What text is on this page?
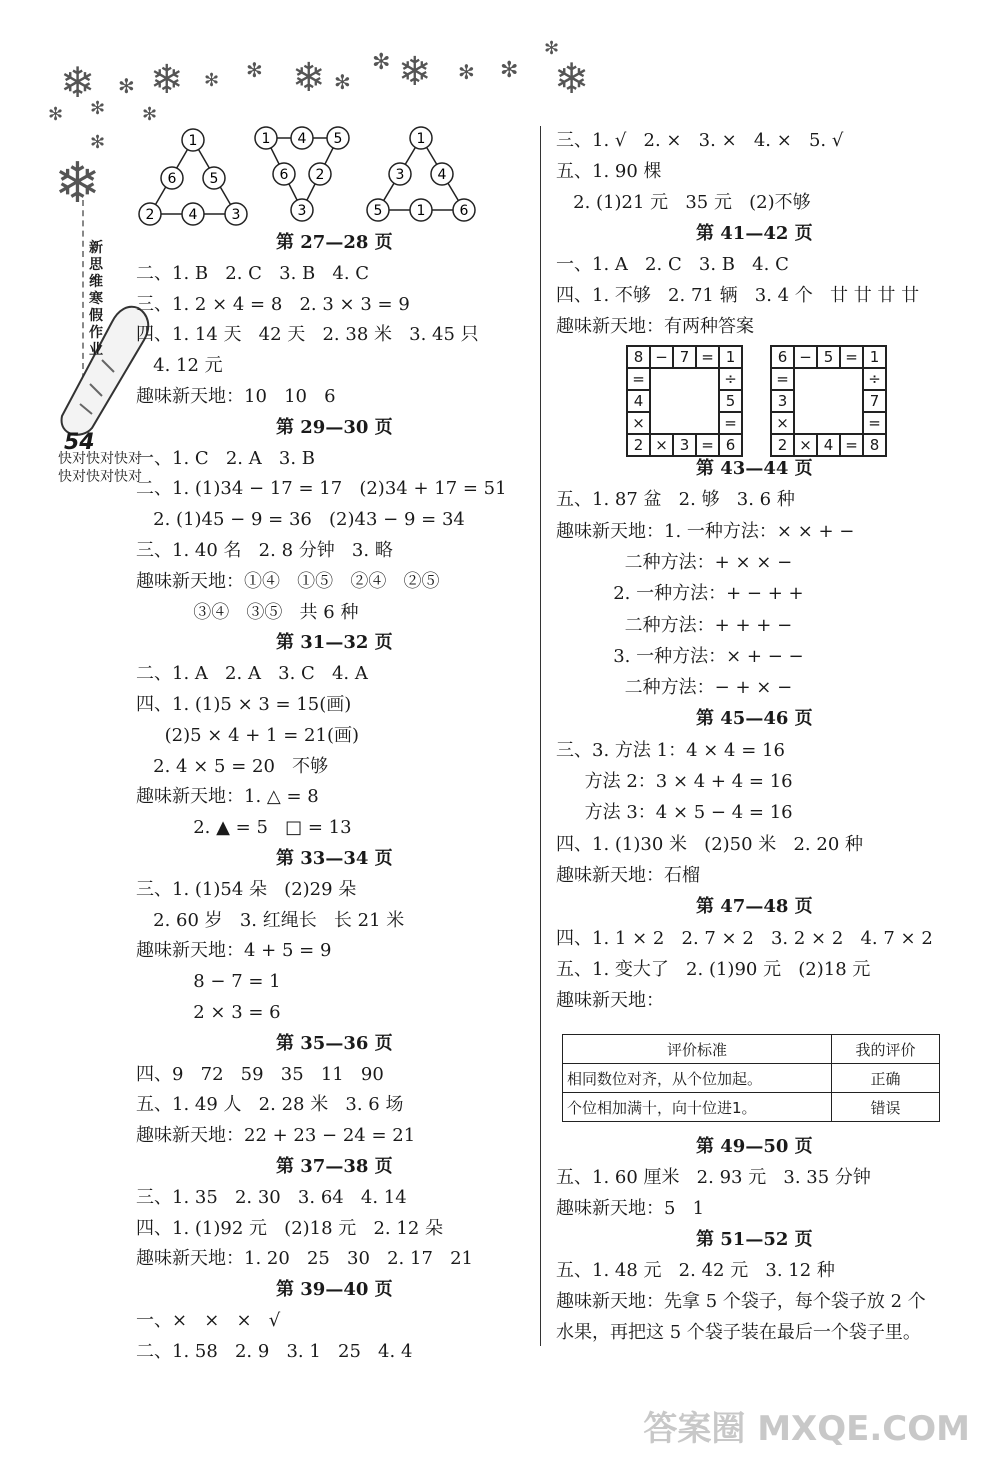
❄ ✻ ❄ ✻ ✻ ❄ ✻
✻ ❄ ✻ ✻
✻
❄
✻ ✻ ✻
✻
❄
新思维寒假作业
54
快对快对快对
快对快对快对
1
6 5
2 4 3
1 4 5
6 2
3
1
3 4
5 1 6
第 27—28 页
二、1. B   2. C   3. B   4. C
三、1. 2 × 4 = 8   2. 3 × 3 = 9
四、1. 14 天   42 天   2. 38 米   3. 45 只
4. 12 元
趣味新天地：10   10   6
第 29—30 页
一、1. C   2. A   3. B
二、1. (1)34 − 17 = 17   (2)34 + 17 = 51
2. (1)45 − 9 = 36   (2)43 − 9 = 34
三、1. 40 名   2. 8 分钟   3. 略
趣味新天地：①④   ①⑤   ②④   ②⑤
③④   ③⑤   共 6 种
第 31—32 页
二、1. A   2. A   3. C   4. A
四、1. (1)5 × 3 = 15(画)
(2)5 × 4 + 1 = 21(画)
2. 4 × 5 = 20   不够
趣味新天地：1. △ = 8
2. ▲ = 5   □ = 13
第 33—34 页
三、1. (1)54 朵   (2)29 朵
2. 60 岁   3. 红绳长   长 21 米
趣味新天地：4 + 5 = 9
8 − 7 = 1
2 × 3 = 6
第 35—36 页
四、9   72   59   35   11   90
五、1. 49 人   2. 28 米   3. 6 场
趣味新天地：22 + 23 − 24 = 21
第 37—38 页
三、1. 35   2. 30   3. 64   4. 14
四、1. (1)92 元   (2)18 元   2. 12 朵
趣味新天地：1. 20   25   30   2. 17   21
第 39—40 页
一、×   ×   ×   √
二、1. 58   2. 9   3. 1   25   4. 4
三、1. √   2. ×   3. ×   4. ×   5. √
五、1. 90 棵
2. (1)21 元   35 元   (2)不够
第 41—42 页
一、1. A   2. C   3. B   4. C
四、1. 不够   2. 71 辆   3. 4 个   廿 廿 廿 廿
趣味新天地：有两种答案
第 43—44 页
五、1. 87 盆   2. 够   3. 6 种
趣味新天地：1. 一种方法：× × + −
二种方法：+ × × −
2. 一种方法：+ − + +
二种方法：+ + + −
3. 一种方法：× + − −
二种方法：− + × −
第 45—46 页
三、3. 方法 1：4 × 4 = 16
方法 2：3 × 4 + 4 = 16
方法 3：4 × 5 − 4 = 16
四、1. (1)30 米   (2)50 米   2. 20 种
趣味新天地：石榴
第 47—48 页
四、1. 1 × 2   2. 7 × 2   3. 2 × 2   4. 7 × 2
五、1. 变大了   2. (1)90 元   (2)18 元
趣味新天地：
第 49—50 页
五、1. 60 厘米   2. 93 元   3. 35 分钟
趣味新天地：5   1
第 51—52 页
五、1. 48 元   2. 42 元   3. 12 种
趣味新天地：先拿 5 个袋子，每个袋子放 2 个
水果，再把这 5 个袋子装在最后一个袋子里。
8	−	7	=	1
=				÷
4				5
×				=
2	×	3	=	6
6	−	5	=	1
=				÷
3				7
×				=
2	×	4	=	8
评价标准	我的评价
相同数位对齐，从个位加起。	正确
个位相加满十，向十位进1。	错误
答案圈 MXQE.COM
